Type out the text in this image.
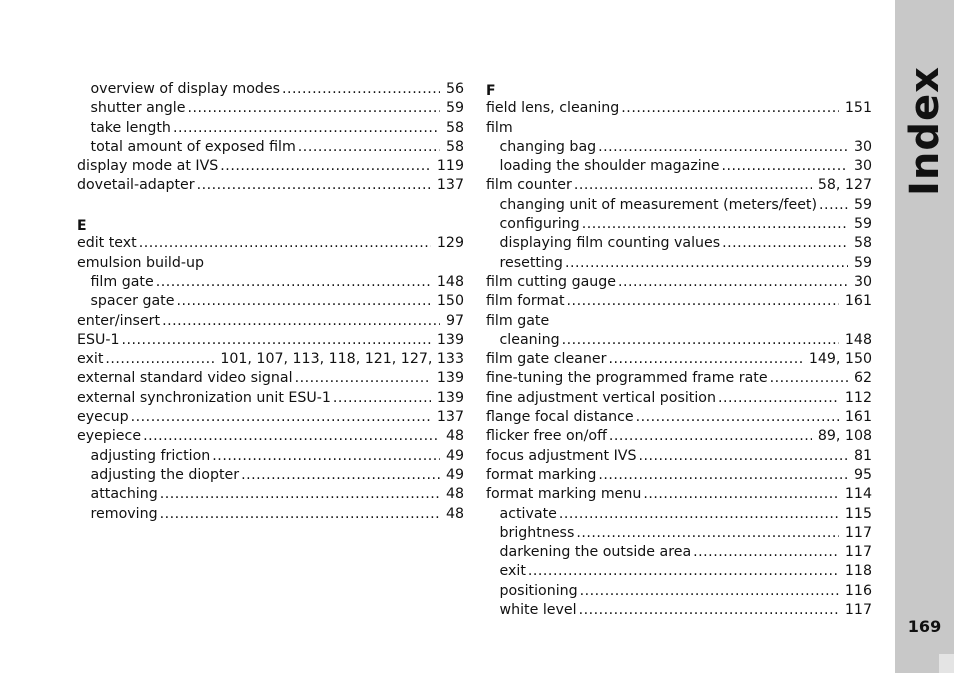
overview of display modes .....	56
shutter angle .....	59
take length .....	58
total amount of exposed film .....	58
display mode at IVS .....	119
dovetail-adapter .....	137
E
edit text .....	129
emulsion build-up
film gate .....	148
spacer gate .....	150
enter/insert .....	97
ESU-1 .....	139
exit .....	101, 107, 113, 118, 121, 127, 133
external standard video signal .....	139
external synchronization unit ESU-1 .....	139
eyecup .....	137
eyepiece .....	48
adjusting friction .....	49
adjusting the diopter .....	49
attaching .....	48
removing .....	48
F
field lens, cleaning .....	151
film
changing bag .....	30
loading the shoulder magazine .....	30
film counter .....	58, 127
changing unit of measurement (meters/feet) .....	59
configuring .....	59
displaying film counting values .....	58
resetting .....	59
film cutting gauge .....	30
film format .....	161
film gate
cleaning .....	148
film gate cleaner .....	149, 150
fine-tuning the programmed frame rate .....	62
fine adjustment vertical position .....	112
flange focal distance .....	161
flicker free on/off .....	89, 108
focus adjustment IVS .....	81
format marking .....	95
format marking menu .....	114
activate .....	115
brightness .....	117
darkening the outside area .....	117
exit .....	118
positioning .....	116
white level .....	117
Index
169
